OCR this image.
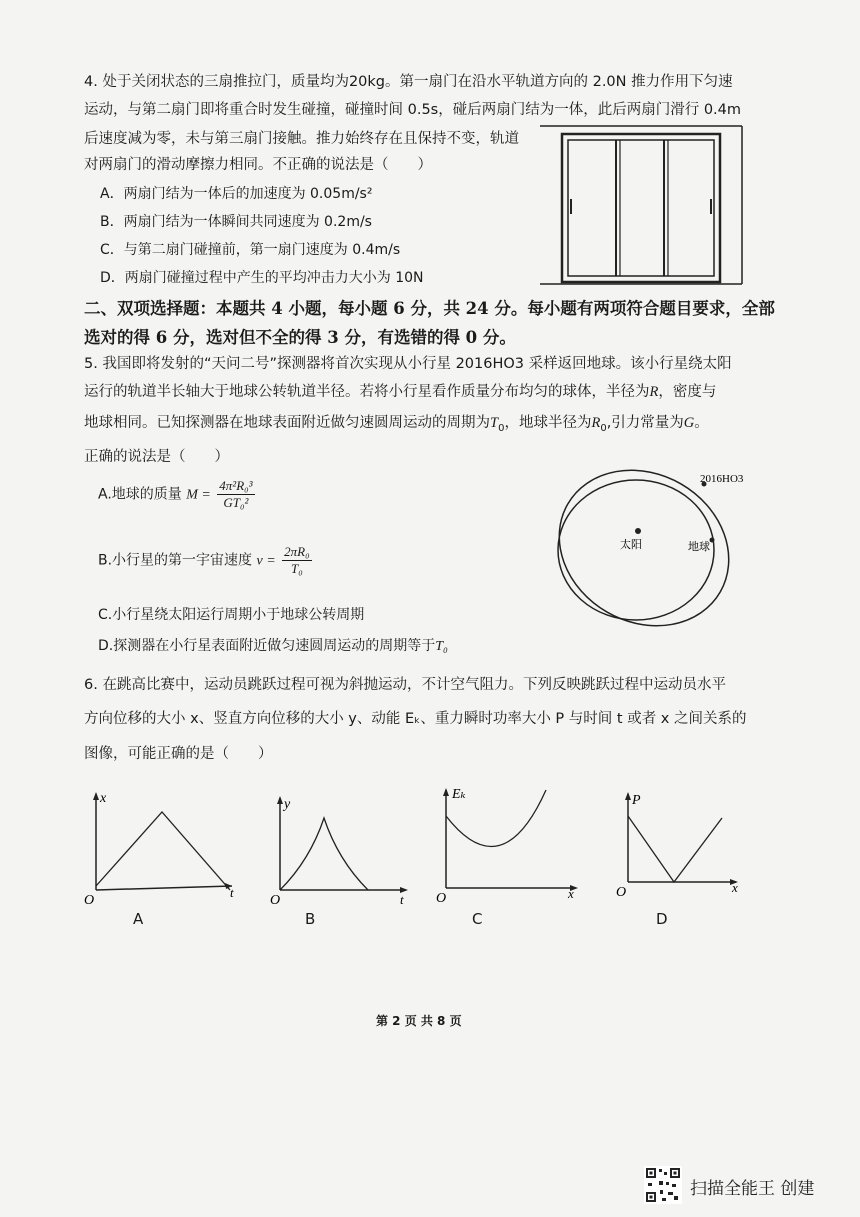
4. 处于关闭状态的三扇推拉门，质量均为20kg。第一扇门在沿水平轨道方向的 2.0N 推力作用下匀速
运动，与第二扇门即将重合时发生碰撞，碰撞时间 0.5s，碰后两扇门结为一体，此后两扇门滑行 0.4m
后速度减为零，未与第三扇门接触。推力始终存在且保持不变，轨道
对两扇门的滑动摩擦力相同。不正确的说法是（　　）
A．两扇门结为一体后的加速度为 0.05m/s²
B．两扇门结为一体瞬间共同速度为 0.2m/s
C．与第二扇门碰撞前，第一扇门速度为 0.4m/s
D．两扇门碰撞过程中产生的平均冲击力大小为 10N
二、双项选择题：本题共 4 小题，每小题 6 分，共 24 分。每小题有两项符合题目要求，全部
选对的得 6 分，选对但不全的得 3 分，有选错的得 0 分。
5. 我国即将发射的“天问二号”探测器将首次实现从小行星 2016HO3 采样返回地球。该小行星绕太阳
运行的轨道半长轴大于地球公转轨道半径。若将小行星看作质量分布均匀的球体，半径为R，密度与
地球相同。已知探测器在地球表面附近做匀速圆周运动的周期为$T_0$，地球半径为$R_0$,引力常量为G。
正确的说法是（　　）
A.地球的质量 $M = \frac{\text{4π²R₀³}}{\text{GT₀²}}$
B.小行星的第一宇宙速度 $v = \frac{\text{2πR₀}}{\text{T₀}}$
C.小行星绕太阳运行周期小于地球公转周期
D.探测器在小行星表面附近做匀速圆周运动的周期等于T₀
2016HO3
太阳	地球
6. 在跳高比赛中，运动员跳跃过程可视为斜抛运动，不计空气阻力。下列反映跳跃过程中运动员水平
方向位移的大小 x、竖直方向位移的大小 y、动能 Eₖ、重力瞬时功率大小 P 与时间 t 或者 x 之间关系的
图像，可能正确的是（　　）
x
t
O
A
y
t
O
B
Eₖ
x
O
C
P
x
O
D
第 2 页 共 8 页
扫描全能王 创建
